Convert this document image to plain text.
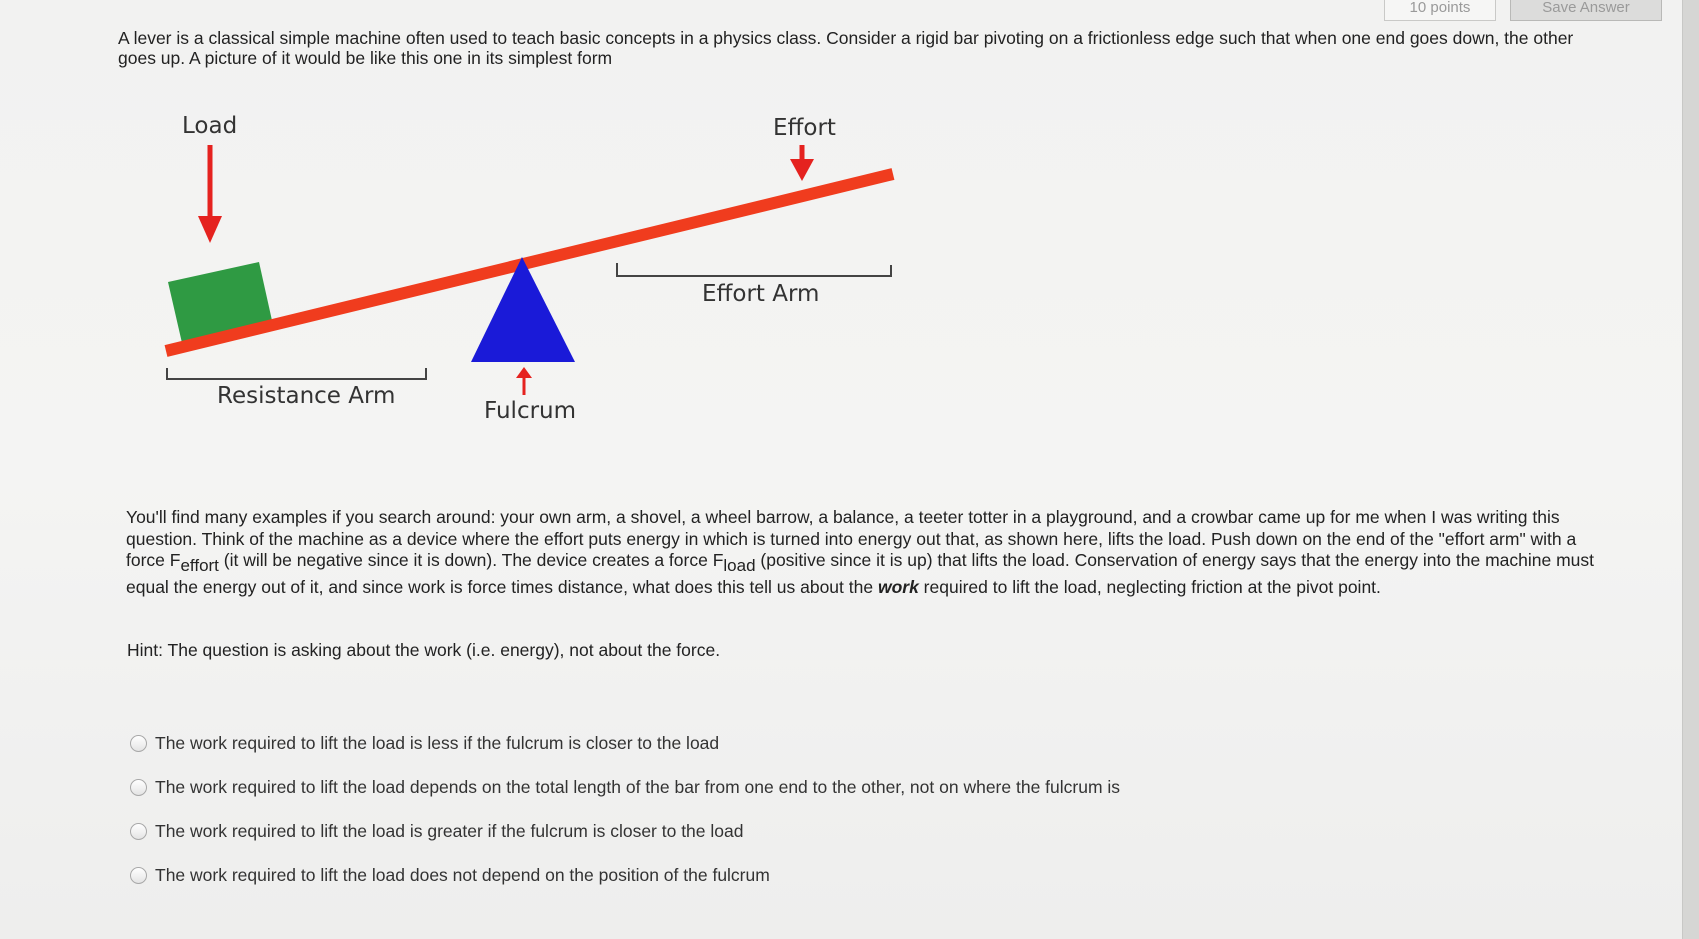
10 points	Save Answer
A lever is a classical simple machine often used to teach basic concepts in a physics class. Consider a rigid bar pivoting on a frictionless edge such that when one end goes down, the other goes up. A picture of it would be like this one in its simplest form
Load
Fulcrum
Effort
Effort Arm
Resistance Arm
You'll find many examples if you search around: your own arm, a shovel, a wheel barrow, a balance, a teeter totter in a playground, and a crowbar came up for me when I was writing this question. Think of the machine as a device where the effort puts energy in which is turned into energy out that, as shown here, lifts the load. Push down on the end of the "effort arm" with a force $F_{effort}$ (it will be negative since it is down). The device creates a force $F_{load}$ (positive since it is up) that lifts the load. Conservation of energy says that the energy into the machine must equal the energy out of it, and since work is force times distance, what does this tell us about the work required to lift the load, neglecting friction at the pivot point.
Hint: The question is asking about the work (i.e. energy), not about the force.
The work required to lift the load is less if the fulcrum is closer to the load
The work required to lift the load depends on the total length of the bar from one end to the other, not on where the fulcrum is
The work required to lift the load is greater if the fulcrum is closer to the load
The work required to lift the load does not depend on the position of the fulcrum
